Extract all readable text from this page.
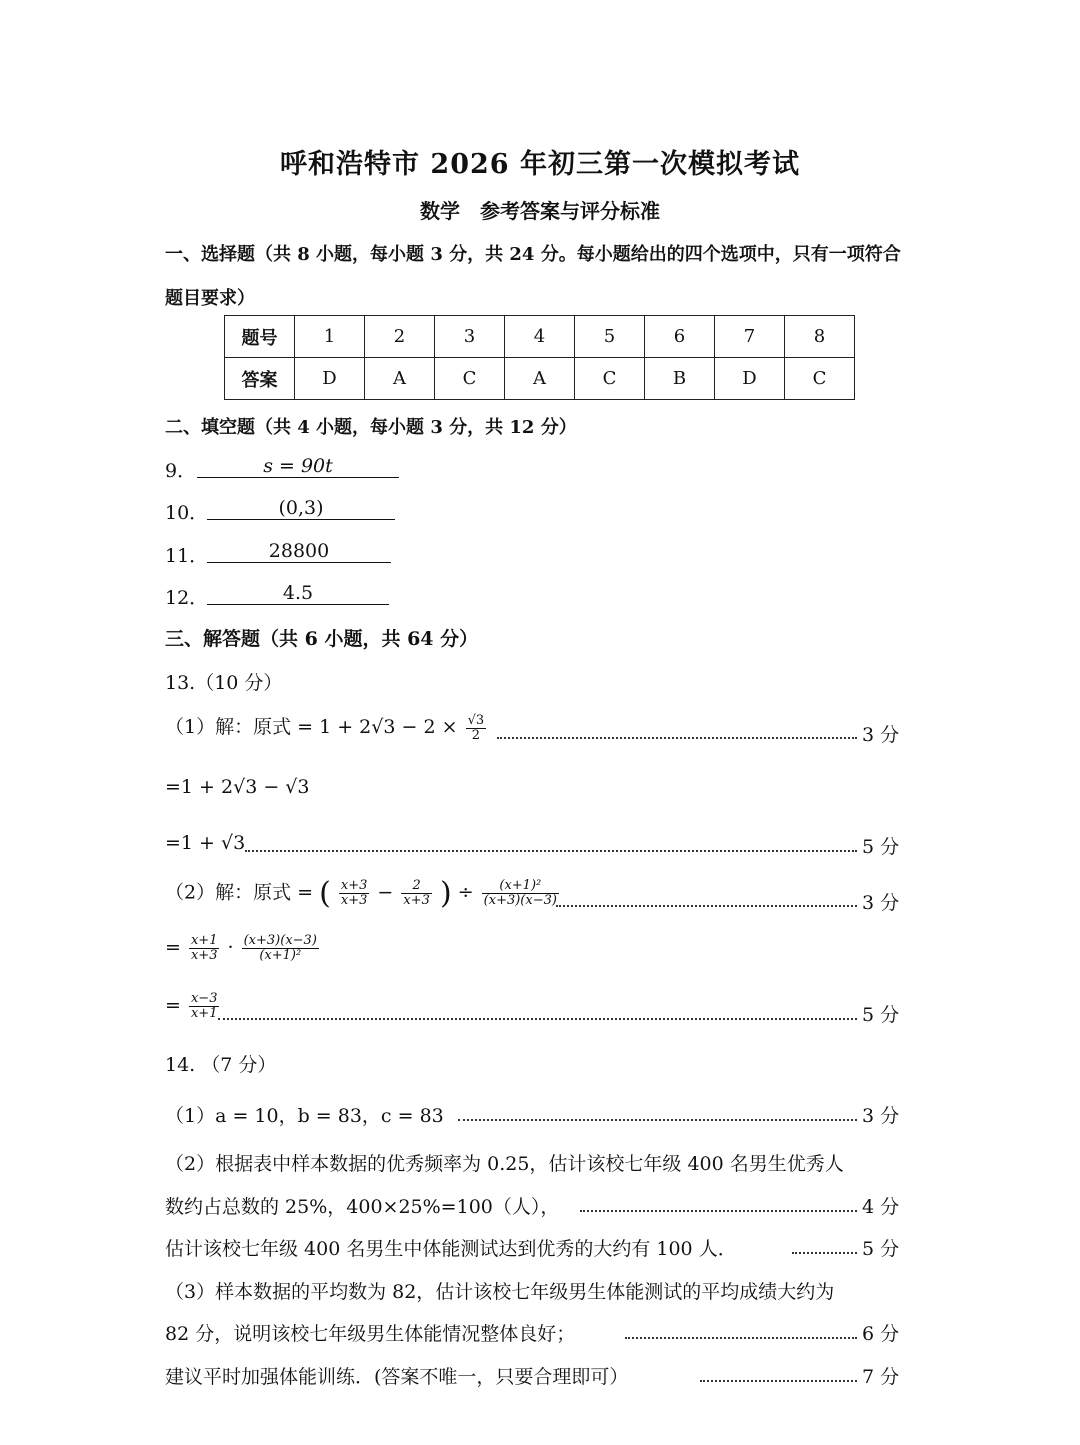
呼和浩特市 2026 年初三第一次模拟考试
数学　参考答案与评分标准
一、选择题（共 8 小题，每小题 3 分，共 24 分。每小题给出的四个选项中，只有一项符合
题目要求）
题号	1	2	3	4	5	6	7	8
答案	D	A	C	A	C	B	D	C
二、填空题（共 4 小题，每小题 3 分，共 12 分）
9．	s = 90t
10．	(0,3)
11．	28800
12．	4.5
三、解答题（共 6 小题，共 64 分）
13.（10 分）
（1）解：原式 = $1 + 2√3 - 2 \times \frac{√3}{2}$	3 分
=1 + 2√3 − √3
=1 + √3	5 分
（2）解：原式 = ( $\frac{x+3}{x+3} - \frac{2}{x+3}$ ) ÷ $\frac{\text{(x+1)²}}{(x+3)(x-3)}$	3 分
= $\frac{x+1}{x+3} \cdot \frac{(x+3)(x-3)}{\text{(x+1)²}}$
= $\frac{x-3}{x+1}$	5 分
14. （7 分）
（1）a = 10，b = 83，c = 83	3 分
（2）根据表中样本数据的优秀频率为 0.25，估计该校七年级 400 名男生优秀人
数约占总数的 25%，400×25%=100（人），	4 分
估计该校七年级 400 名男生中体能测试达到优秀的大约有 100 人．	5 分
（3）样本数据的平均数为 82，估计该校七年级男生体能测试的平均成绩大约为
82 分，说明该校七年级男生体能情况整体良好；	6 分
建议平时加强体能训练．(答案不唯一，只要合理即可）	7 分
